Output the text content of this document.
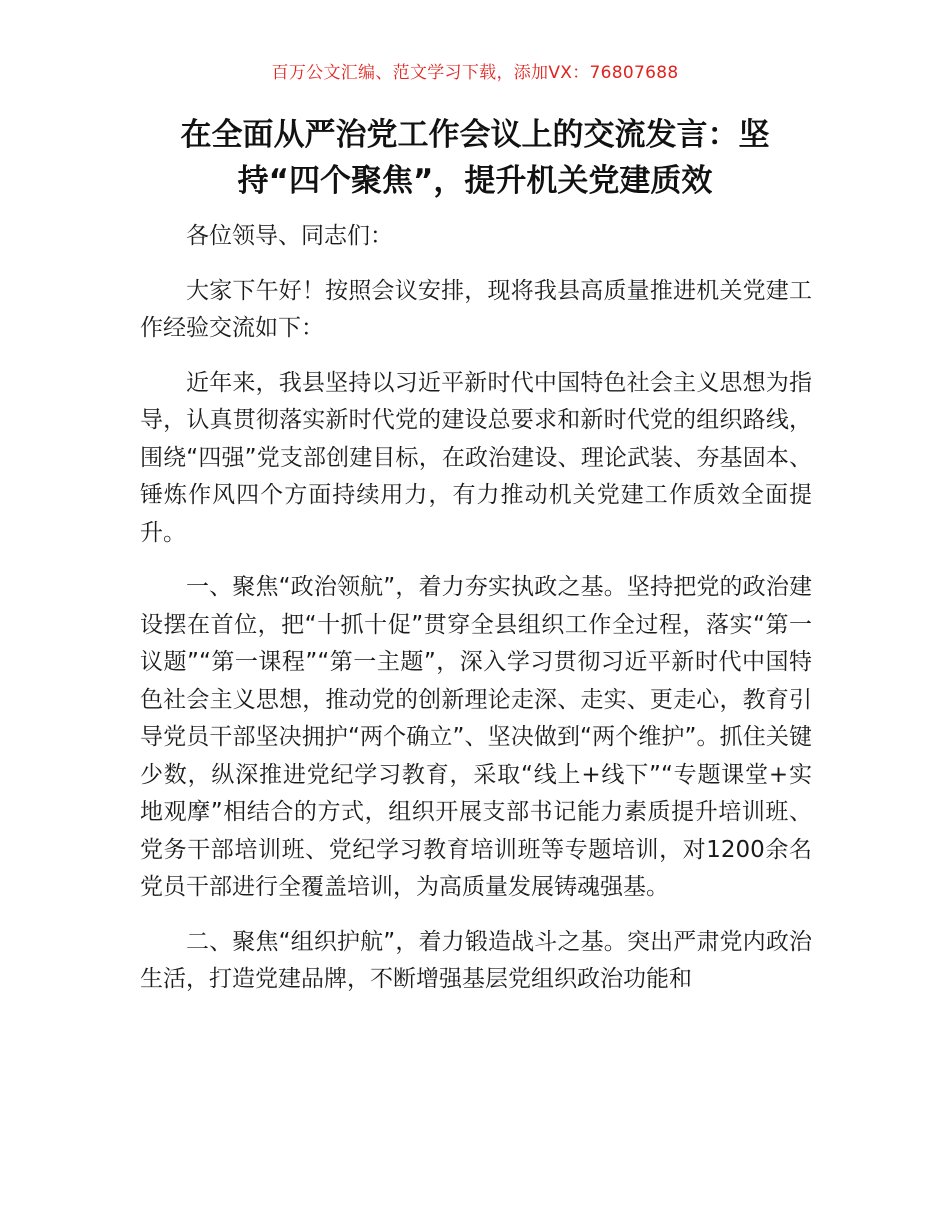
百万公文汇编、范文学习下载，添加VX：76807688
在全面从严治党工作会议上的交流发言：坚持“四个聚焦”，提升机关党建质效

各位领导、同志们：

大家下午好！按照会议安排，现将我县高质量推进机关党建工作经验交流如下：

近年来，我县坚持以习近平新时代中国特色社会主义思想为指导，认真贯彻落实新时代党的建设总要求和新时代党的组织路线，围绕“四强”党支部创建目标，在政治建设、理论武装、夯基固本、锤炼作风四个方面持续用力，有力推动机关党建工作质效全面提升。

一、聚焦“政治领航”，着力夯实执政之基。坚持把党的政治建设摆在首位，把“十抓十促”贯穿全县组织工作全过程，落实“第一议题”“第一课程”“第一主题”，深入学习贯彻习近平新时代中国特色社会主义思想，推动党的创新理论走深、走实、更走心，教育引导党员干部坚决拥护“两个确立”、坚决做到“两个维护”。抓住关键少数，纵深推进党纪学习教育，采取“线上+线下”“专题课堂+实地观摩”相结合的方式，组织开展支部书记能力素质提升培训班、党务干部培训班、党纪学习教育培训班等专题培训，对1200余名党员干部进行全覆盖培训，为高质量发展铸魂强基。

二、聚焦“组织护航”，着力锻造战斗之基。突出严肃党内政治生活，打造党建品牌，不断增强基层党组织政治功能和
